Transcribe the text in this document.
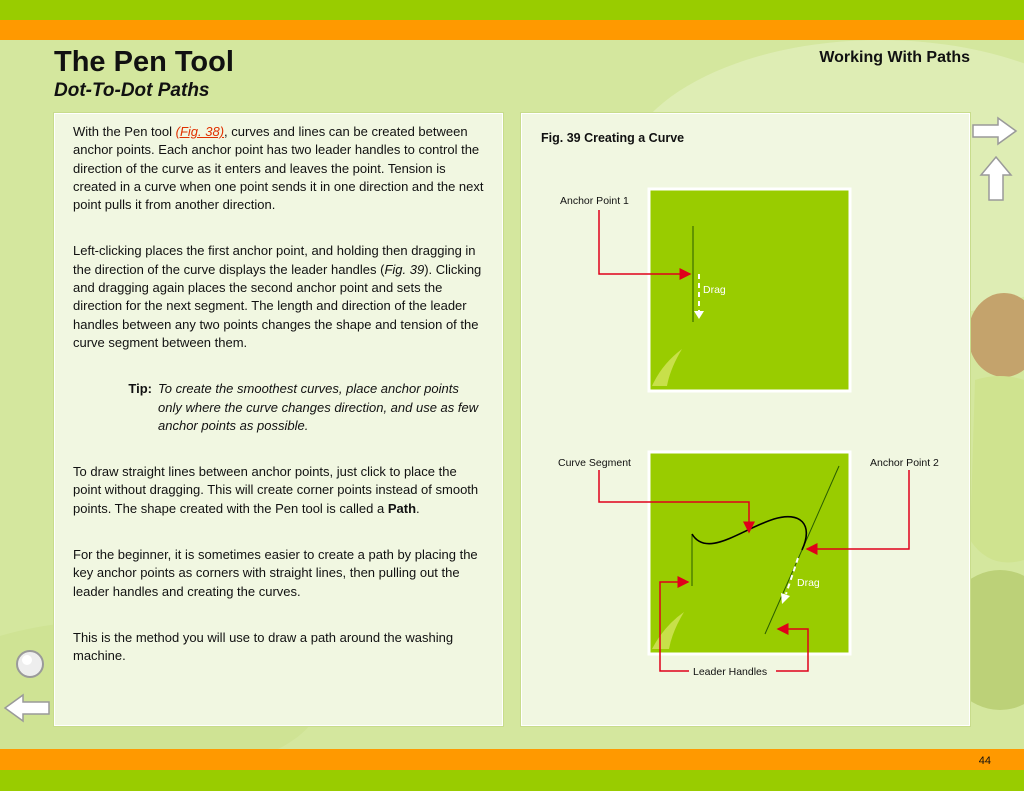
The Pen Tool
Dot-To-Dot Paths
Working With Paths

With the Pen tool (Fig. 38), curves and lines can be created between anchor points. Each anchor point has two leader handles to control the direction of the curve as it enters and leaves the point. Tension is created in a curve when one point sends it in one direction and the next point pulls it from another direction.

Left-clicking places the first anchor point, and holding then dragging in the direction of the curve displays the leader handles (Fig. 39). Clicking and dragging again places the second anchor point and sets the direction for the next segment. The length and direction of the leader handles between any two points changes the shape and tension of the curve segment between them.

Tip: To create the smoothest curves, place anchor points only where the curve changes direction, and use as few anchor points as possible.

To draw straight lines between anchor points, just click to place the point without dragging. This will create corner points instead of smooth points. The shape created with the Pen tool is called a Path.

For the beginner, it is sometimes easier to create a path by placing the key anchor points as corners with straight lines, then pulling out the leader handles and creating the curves.

This is the method you will use to draw a path around the washing machine.

Fig. 39 Creating a Curve
Drag
Anchor Point 1
Drag
Curve Segment	Anchor Point 2
Leader Handles
44
